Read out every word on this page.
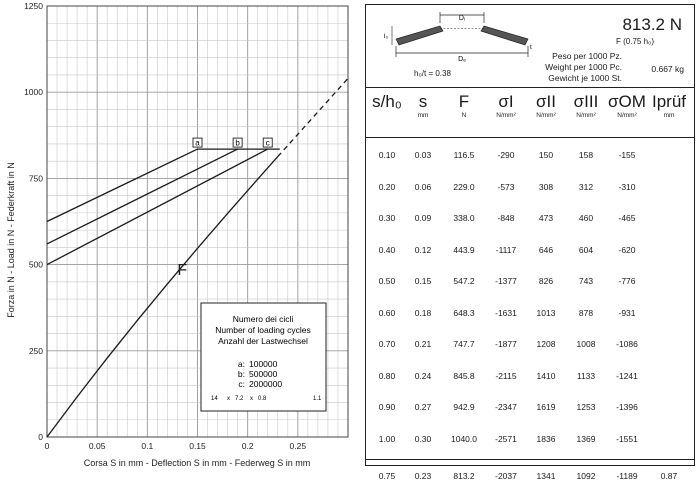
0	0.05	0.1	0.15	0.2	0.25
0
250
500
750
1000
1250
a	b	c
F
Forza in N - Load in N - Federkraft in N
Corsa S in mm - Deflection S in mm - Federweg S in mm
Numero dei cicli
Number of loading cycles
Anzahl der Lastwechsel
a: 100000
b: 500000
c: 2000000
14 x 7.2 x 0.8	1.1
Dᵢ
l₀
t
Dₑ
h₀/t = 0.38
813.2 N
F (0.75 h₀)
Peso per 1000 Pz.
Weight per 1000 Pc.	0.667 kg
Gewicht je 1000 St.
s/h₀ s
mm
F
N
σI
N/mm²
σII
N/mm²
σIII
N/mm²
σOM
N/mm²
Iprüf
mm
0.10	0.03	116.5	-290	150	158	-155
0.20	0.06	229.0	-573	308	312	-310
0.30	0.09	338.0	-848	473	460	-465
0.40	0.12	443.9	-1117	646	604	-620
0.50	0.15	547.2	-1377	826	743	-776
0.60	0.18	648.3	-1631	1013	878	-931
0.70	0.21	747.7	-1877	1208	1008	-1086
0.80	0.24	845.8	-2115	1410	1133	-1241
0.90	0.27	942.9	-2347	1619	1253	-1396
1.00	0.30	1040.0	-2571	1836	1369	-1551
0.75	0.23	813.2	-2037	1341	1092	-1189	0.87
